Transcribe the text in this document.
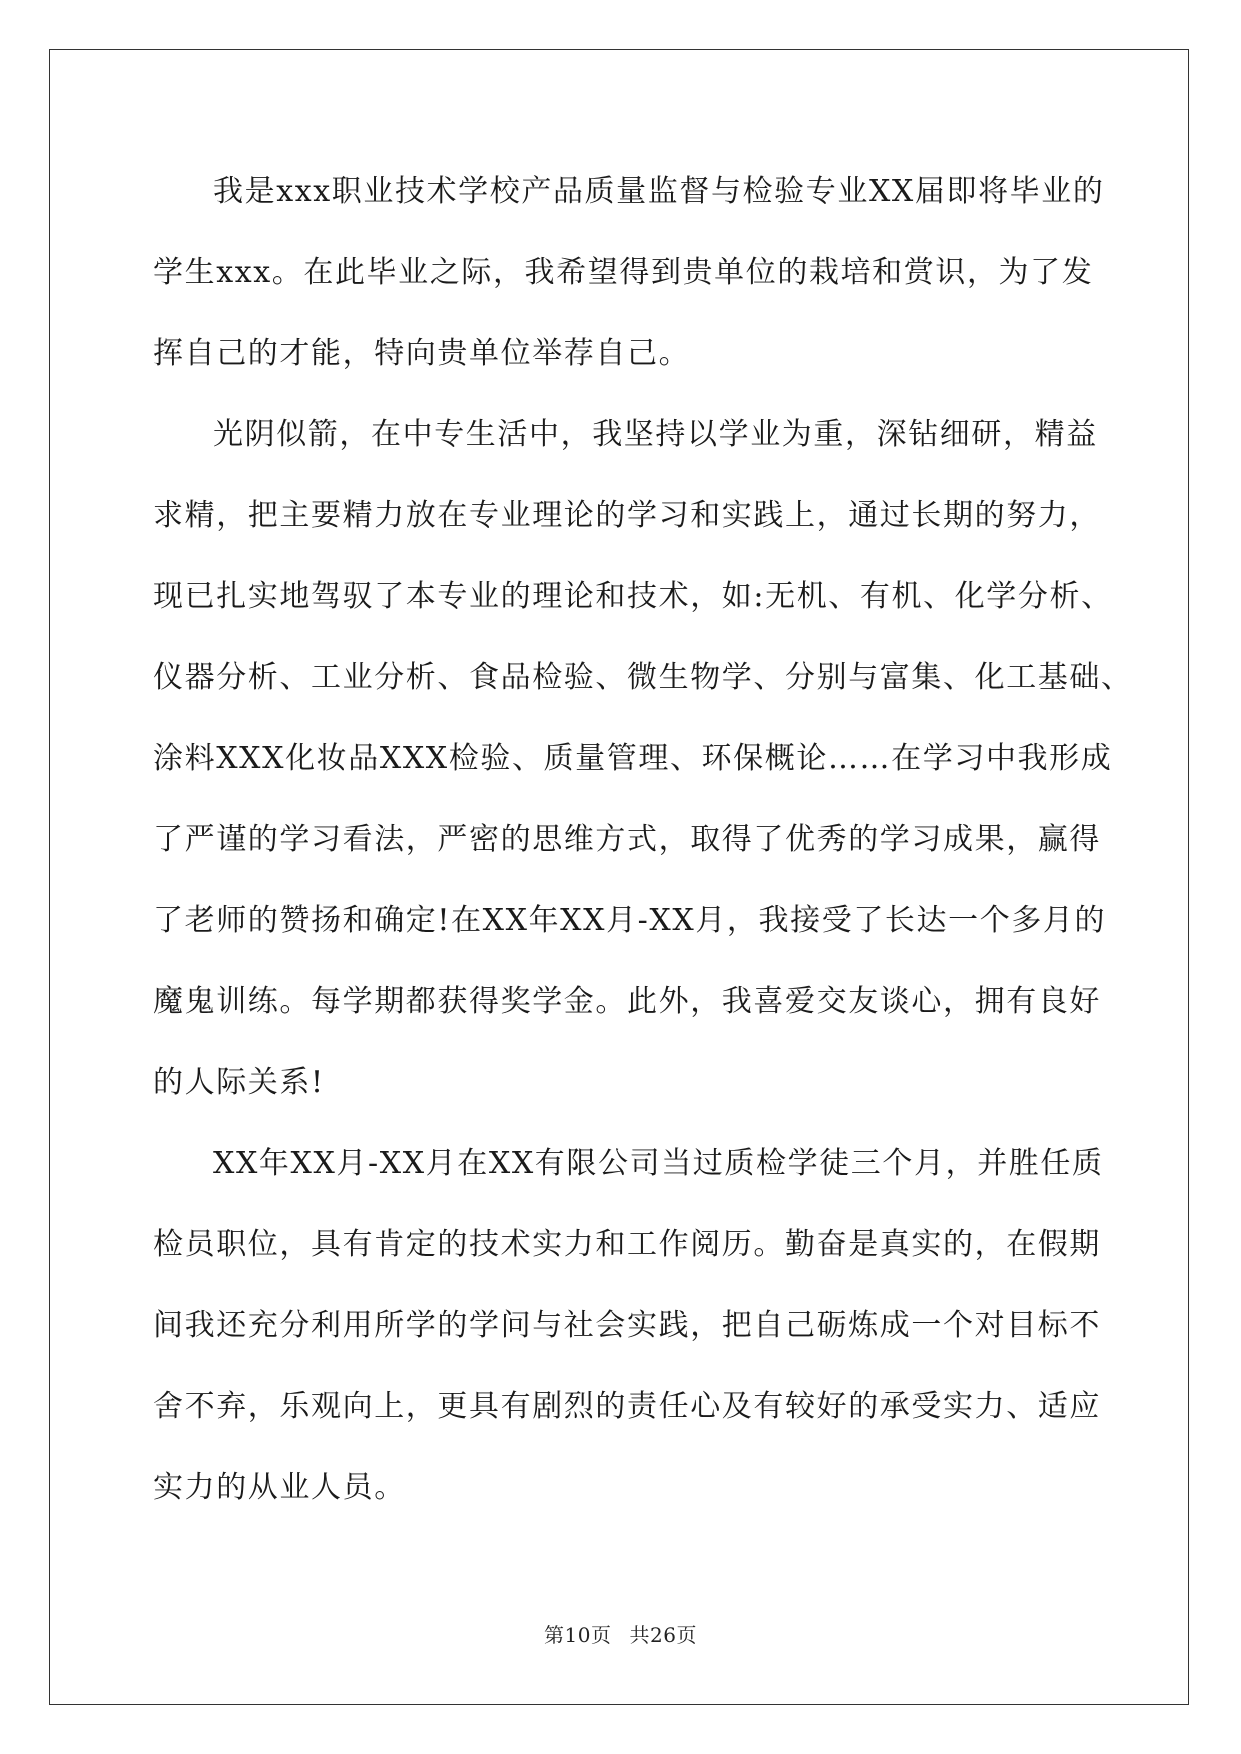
我是xxx职业技术学校产品质量监督与检验专业XX届即将毕业的
学生xxx。在此毕业之际，我希望得到贵单位的栽培和赏识，为了发
挥自己的才能，特向贵单位举荐自己。
光阴似箭，在中专生活中，我坚持以学业为重，深钻细研，精益
求精，把主要精力放在专业理论的学习和实践上，通过长期的努力，
现已扎实地驾驭了本专业的理论和技术，如:无机、有机、化学分析、
仪器分析、工业分析、食品检验、微生物学、分别与富集、化工基础、
涂料XXX化妆品XXX检验、质量管理、环保概论……在学习中我形成
了严谨的学习看法，严密的思维方式，取得了优秀的学习成果，赢得
了老师的赞扬和确定!在XX年XX月-XX月，我接受了长达一个多月的
魔鬼训练。每学期都获得奖学金。此外，我喜爱交友谈心，拥有良好
的人际关系!
XX年XX月-XX月在XX有限公司当过质检学徒三个月，并胜任质
检员职位，具有肯定的技术实力和工作阅历。勤奋是真实的，在假期
间我还充分利用所学的学问与社会实践，把自己砺炼成一个对目标不
舍不弃，乐观向上，更具有剧烈的责任心及有较好的承受实力、适应
实力的从业人员。
第10页 共26页
